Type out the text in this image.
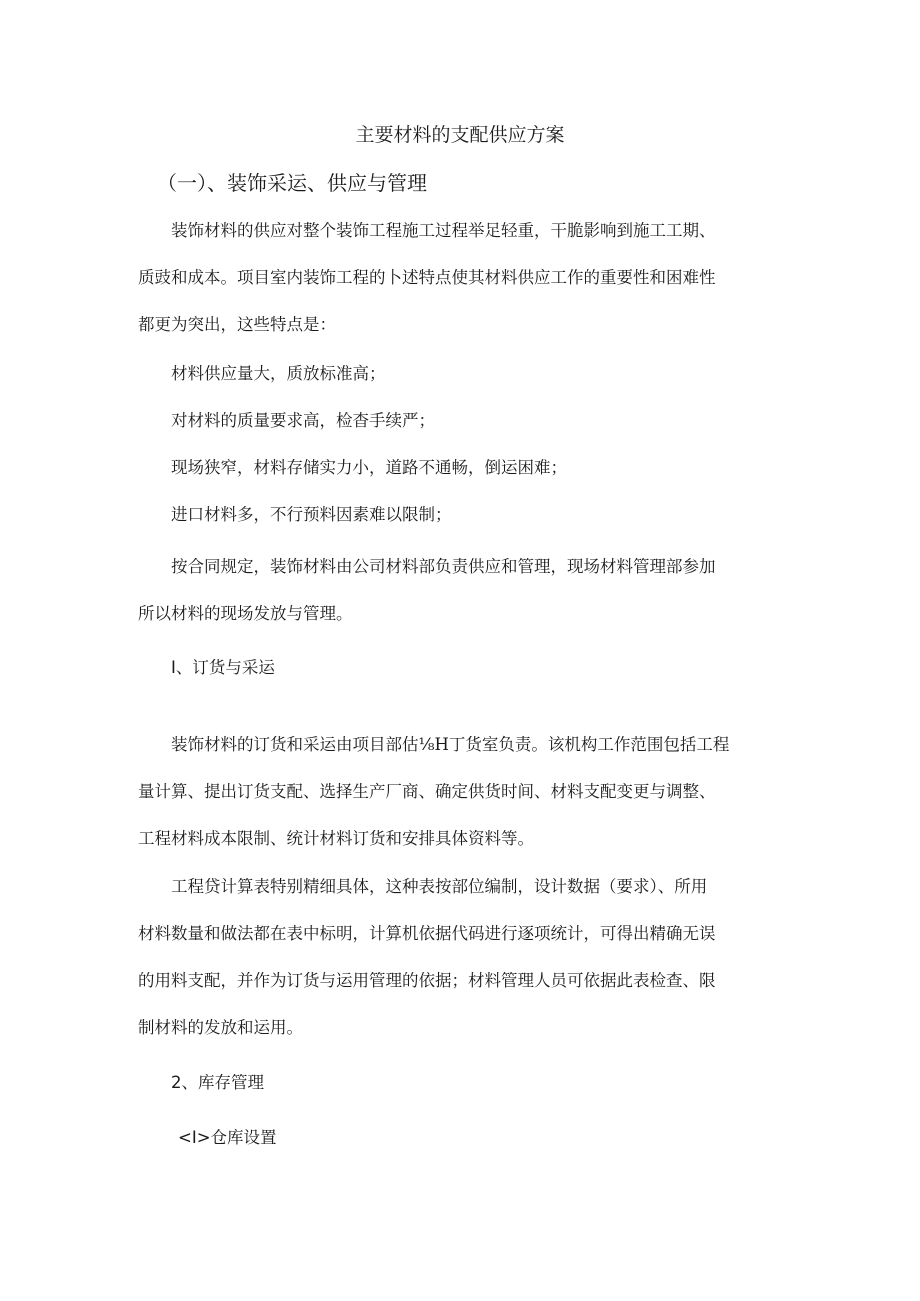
主要材料的支配供应方案
（一）、装饰采运、供应与管理
装饰材料的供应对整个装饰工程施工过程举足轻重，干脆影响到施工工期、
质豉和成本。项目室内装饰工程的卜述特点使其材料供应工作的重要性和困难性
都更为突出，这些特点是：

材料供应量大，质放标准高；

对材料的质量要求高，检杳手续严；

现场狭窄，材料存储实力小，道路不通畅，倒运困难；

进口材料多，不行预料因素难以限制；

按合同规定，装饰材料由公司材料部负责供应和管理，现场材料管理部参加
所以材料的现场发放与管理。

I、订货与采运

装饰材料的订货和采运由项目部估⅛H丁货室负责。该机构工作范围包括工程
量计算、提出订货支配、选择生产厂商、确定供货时间、材料支配变更与调整、
工程材料成本限制、统计材料订货和安排具体资料等。
工程贷计算表特别精细具体，这种表按部位编制，设计数据（要求）、所用
材料数量和做法都在表中标明，计算机依据代码进行逐项统计，可得出精确无误
的用料支配，并作为订货与运用管理的依据；材料管理人员可依据此表检查、限
制材料的发放和运用。

2、库存管理

<I>仓库设置
